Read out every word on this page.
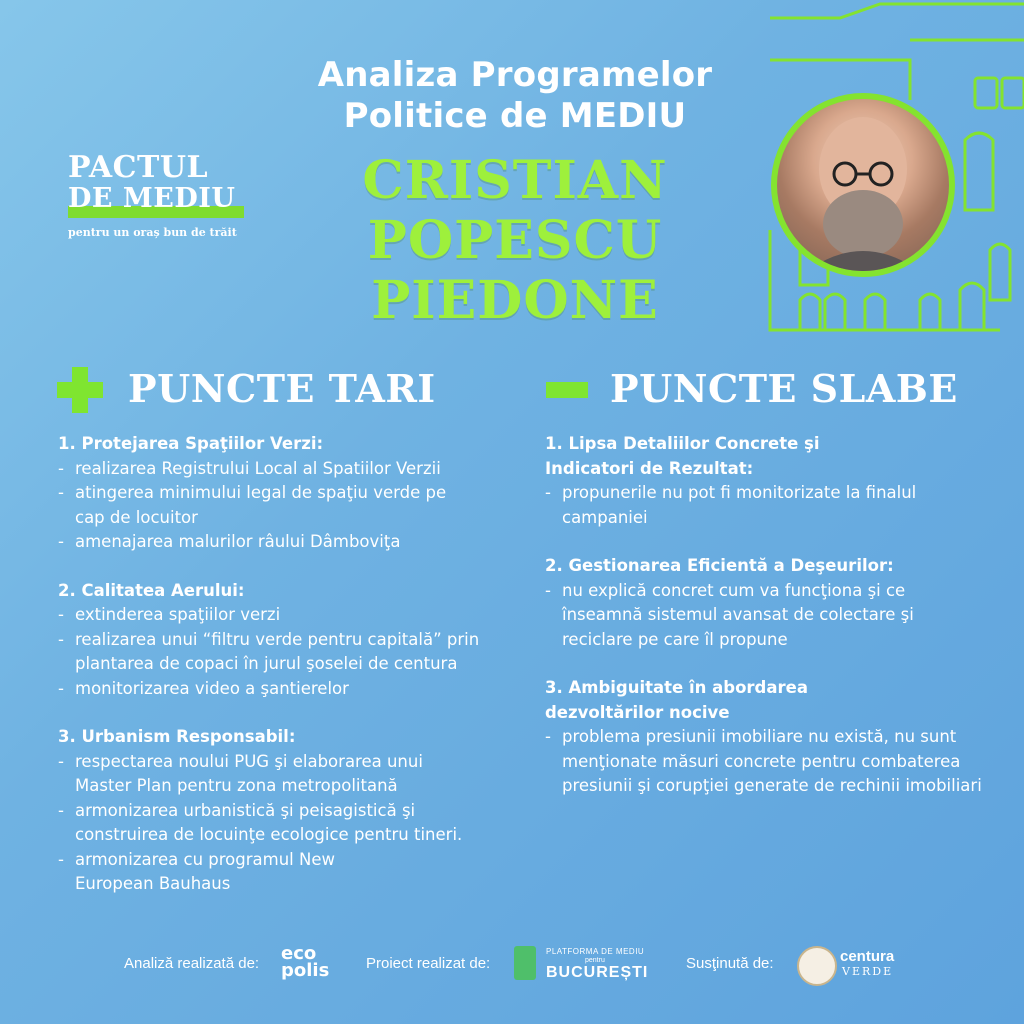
Analiza Programelor
Politice de MEDIU
CRISTIAN
POPESCU
PIEDONE
PACTUL
DE MEDIU
pentru un oraș bun de trăit
PUNCTE TARI	PUNCTE SLABE
1. Protejarea Spaţiilor Verzi:
- realizarea Registrului Local al Spatiilor Verzii
- atingerea minimului legal de spaţiu verde pe cap de locuitor
- amenajarea malurilor râului Dâmboviţa
2. Calitatea Aerului:
- extinderea spaţiilor verzi
- realizarea unui “filtru verde pentru capitală” prin plantarea de copaci în jurul şoselei de centura
- monitorizarea video a şantierelor
3. Urbanism Responsabil:
- respectarea noului PUG şi elaborarea unui Master Plan pentru zona metropolitană
- armonizarea urbanistică şi peisagistică şi construirea de locuinţe ecologice pentru tineri.
- armonizarea cu programul New European Bauhaus
1. Lipsa Detaliilor Concrete şi Indicatori de Rezultat:
- propunerile nu pot fi monitorizate la finalul campaniei
2. Gestionarea Eficientă a Deşeurilor:
- nu explică concret cum va funcţiona şi ce înseamnă sistemul avansat de colectare şi reciclare pe care îl propune
3. Ambiguitate în abordarea dezvoltărilor nocive
- problema presiunii imobiliare nu există, nu sunt menţionate măsuri concrete pentru combaterea presiunii şi corupţiei generate de rechinii imobiliari
Analiză realizată de: eco
polis Proiect realizat de:
PLATFORMA DE MEDIU
pentru
BUCUREȘTI
Susţinută de:	centura
VERDE
